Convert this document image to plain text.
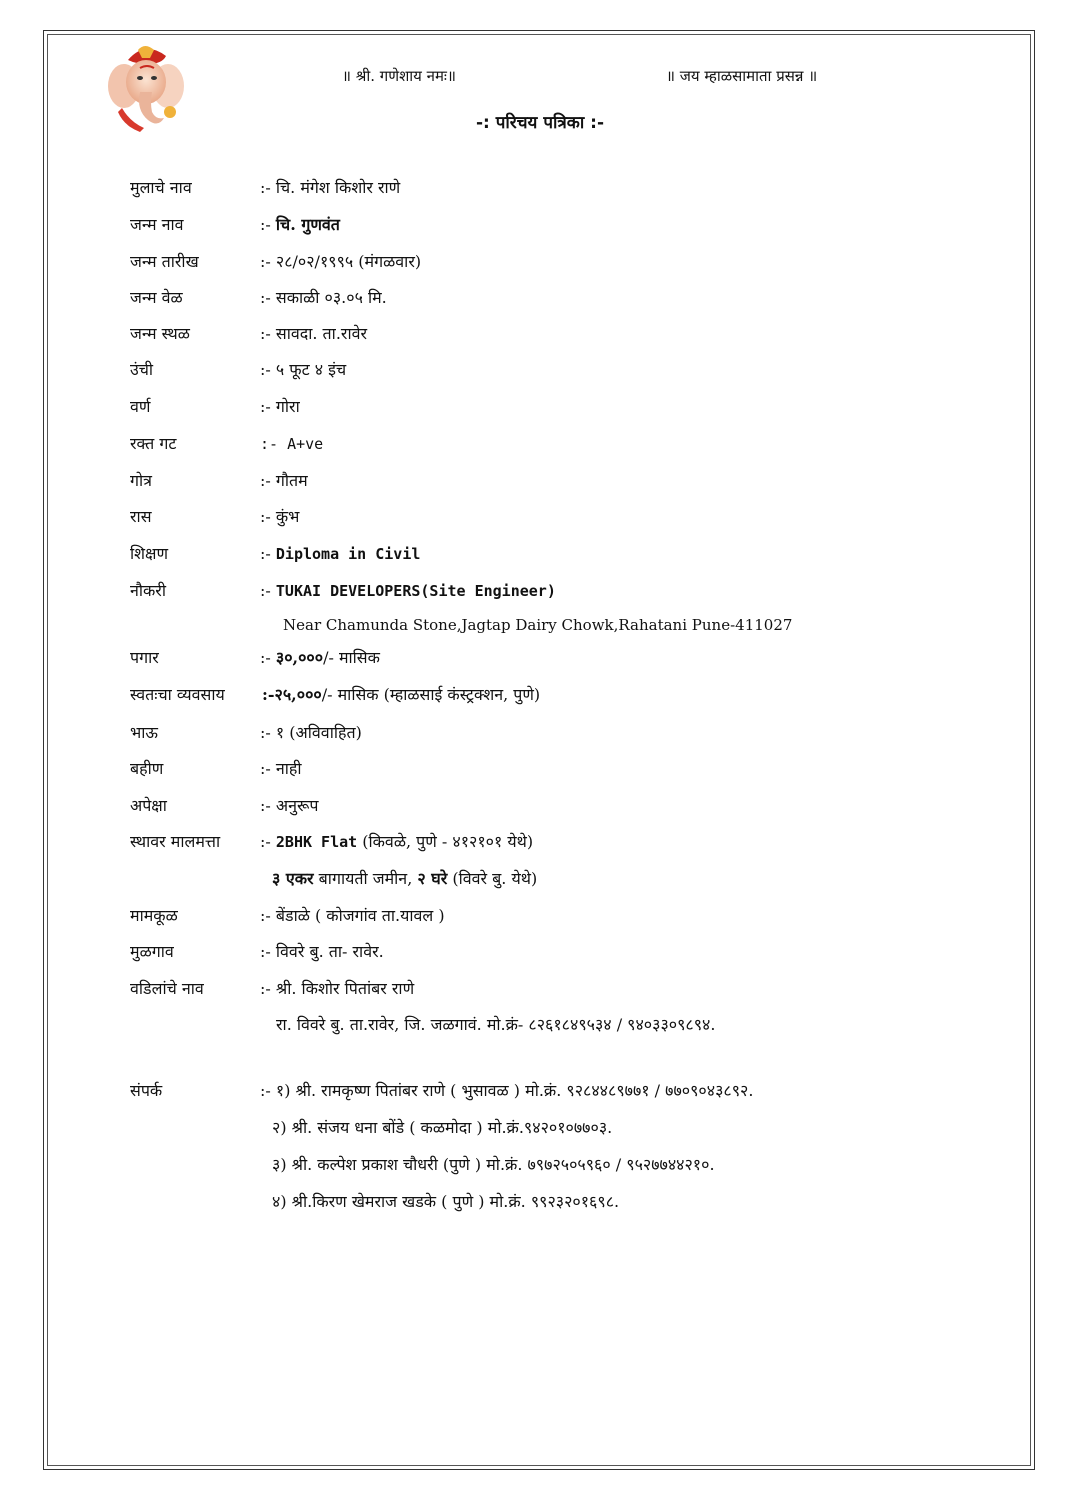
॥ श्री. गणेशाय नमः॥	॥ जय म्हाळसामाता प्रसन्न ॥
-: परिचय पत्रिका :-
मुलाचे नाव	:- चि. मंगेश किशोर राणे
जन्म नाव	:- चि. गुणवंत
जन्म तारीख	:- २८/०२/१९९५ (मंगळवार)
जन्म वेळ	:- सकाळी ०३.०५ मि.
जन्म स्थळ	:- सावदा. ता.रावेर
उंची	:- ५ फूट ४ इंच
वर्ण	:- गोरा
रक्त गट	:- A+ve
गोत्र	:- गौतम
रास	:- कुंभ
शिक्षण	:- Diploma in Civil
नौकरी	:- TUKAI DEVELOPERS(Site Engineer)
Near Chamunda Stone,Jagtap Dairy Chowk,Rahatani Pune-411027
पगार	:- ३०,०००/- मासिक
स्वतःचा व्यवसाय :-२५,०००/- मासिक (म्हाळसाई कंस्ट्रक्शन, पुणे)
भाऊ	:- १ (अविवाहित)
बहीण	:- नाही
अपेक्षा	:- अनुरूप
स्थावर मालमत्ता :- 2BHK Flat (किवळे, पुणे - ४१२१०१ येथे)
३ एकर बागायती जमीन, २ घरे (विवरे बु. येथे)
मामकूळ	:- बेंडाळे ( कोजगांव ता.यावल )
मुळगाव	:- विवरे बु. ता- रावेर.
वडिलांचे नाव	:- श्री. किशोर पितांबर राणे
रा. विवरे बु. ता.रावेर, जि. जळगावं. मो.क्रं- ८२६१८४९५३४ / ९४०३३०९८९४.
संपर्क	:- १) श्री. रामकृष्ण पितांबर राणे ( भुसावळ ) मो.क्रं. ९२८४४८९७७१ / ७७०९०४३८९२.
२) श्री. संजय धना बोंडे ( कळमोदा ) मो.क्रं.९४२०१०७७०३.
३) श्री. कल्पेश प्रकाश चौधरी (पुणे ) मो.क्रं. ७९७२५०५९६० / ९५२७७४४२१०.
४) श्री.किरण खेमराज खडके ( पुणे ) मो.क्रं. ९९२३२०१६९८.
